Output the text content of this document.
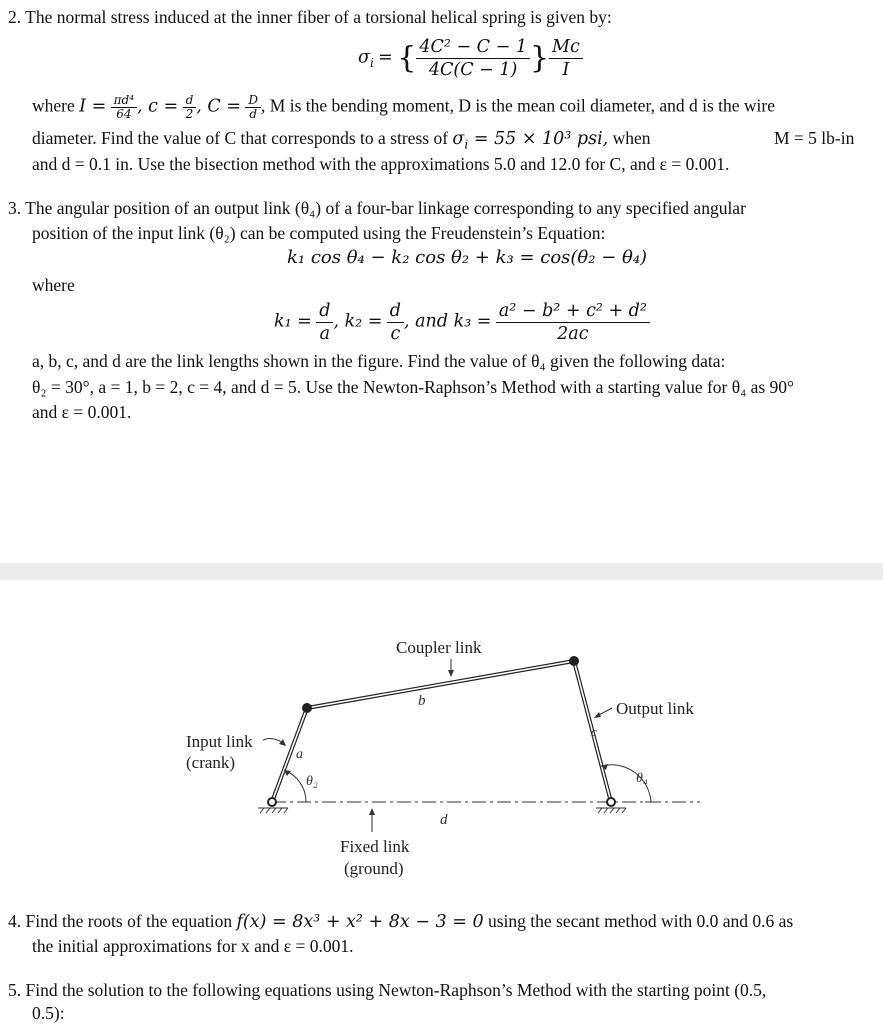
2. The normal stress induced at the inner fiber of a torsional helical spring is given by:
$\sigma_i$ = { $\frac{\text{4C² − C − 1}}{4C(C - 1)}$ } $\frac{Mc}{I}$
where $I = \frac{\text{πd⁴}}{64}$ , $c = \frac{d}{2}$ , $C = \frac{D}{d}$ , M is the bending moment, D is the mean coil diameter, and d is the wire
diameter. Find the value of C that corresponds to a stress of $\sigma_i = 55 \times 10^3$ psi, when	M = 5 lb-in
and d = 0.1 in. Use the bisection method with the approximations 5.0 and 12.0 for C, and ε = 0.001.
3. The angular position of an output link (θ₄) of a four-bar linkage corresponding to any specified angular
position of the input link (θ₂) can be computed using the Freudenstein’s Equation:
k₁ cos θ₄ − k₂ cos θ₂ + k₃ = cos(θ₂ − θ₄)
where
$k_1 = \frac{d}{a}$ , $k_2 = \frac{d}{c}$ , and $k_3 = \frac{\text{a² − b² + c² + d²}}{2ac}$
a, b, c, and d are the link lengths shown in the figure. Find the value of θ₄ given the following data:
θ₂ = 30°, a = 1, b = 2, c = 4, and d = 5. Use the Newton-Raphson’s Method with a starting value for θ₄ as 90°
and ε = 0.001.
Coupler link
b	Output link
c
Input link
(crank)	a
θ₂	θ₄
d
Fixed link
(ground)
4. Find the roots of the equation f(x) = 8x³ + x² + 8x − 3 = 0 using the secant method with 0.0 and 0.6 as
the initial approximations for x and ε = 0.001.
5. Find the solution to the following equations using Newton-Raphson’s Method with the starting point (0.5,
0.5):
